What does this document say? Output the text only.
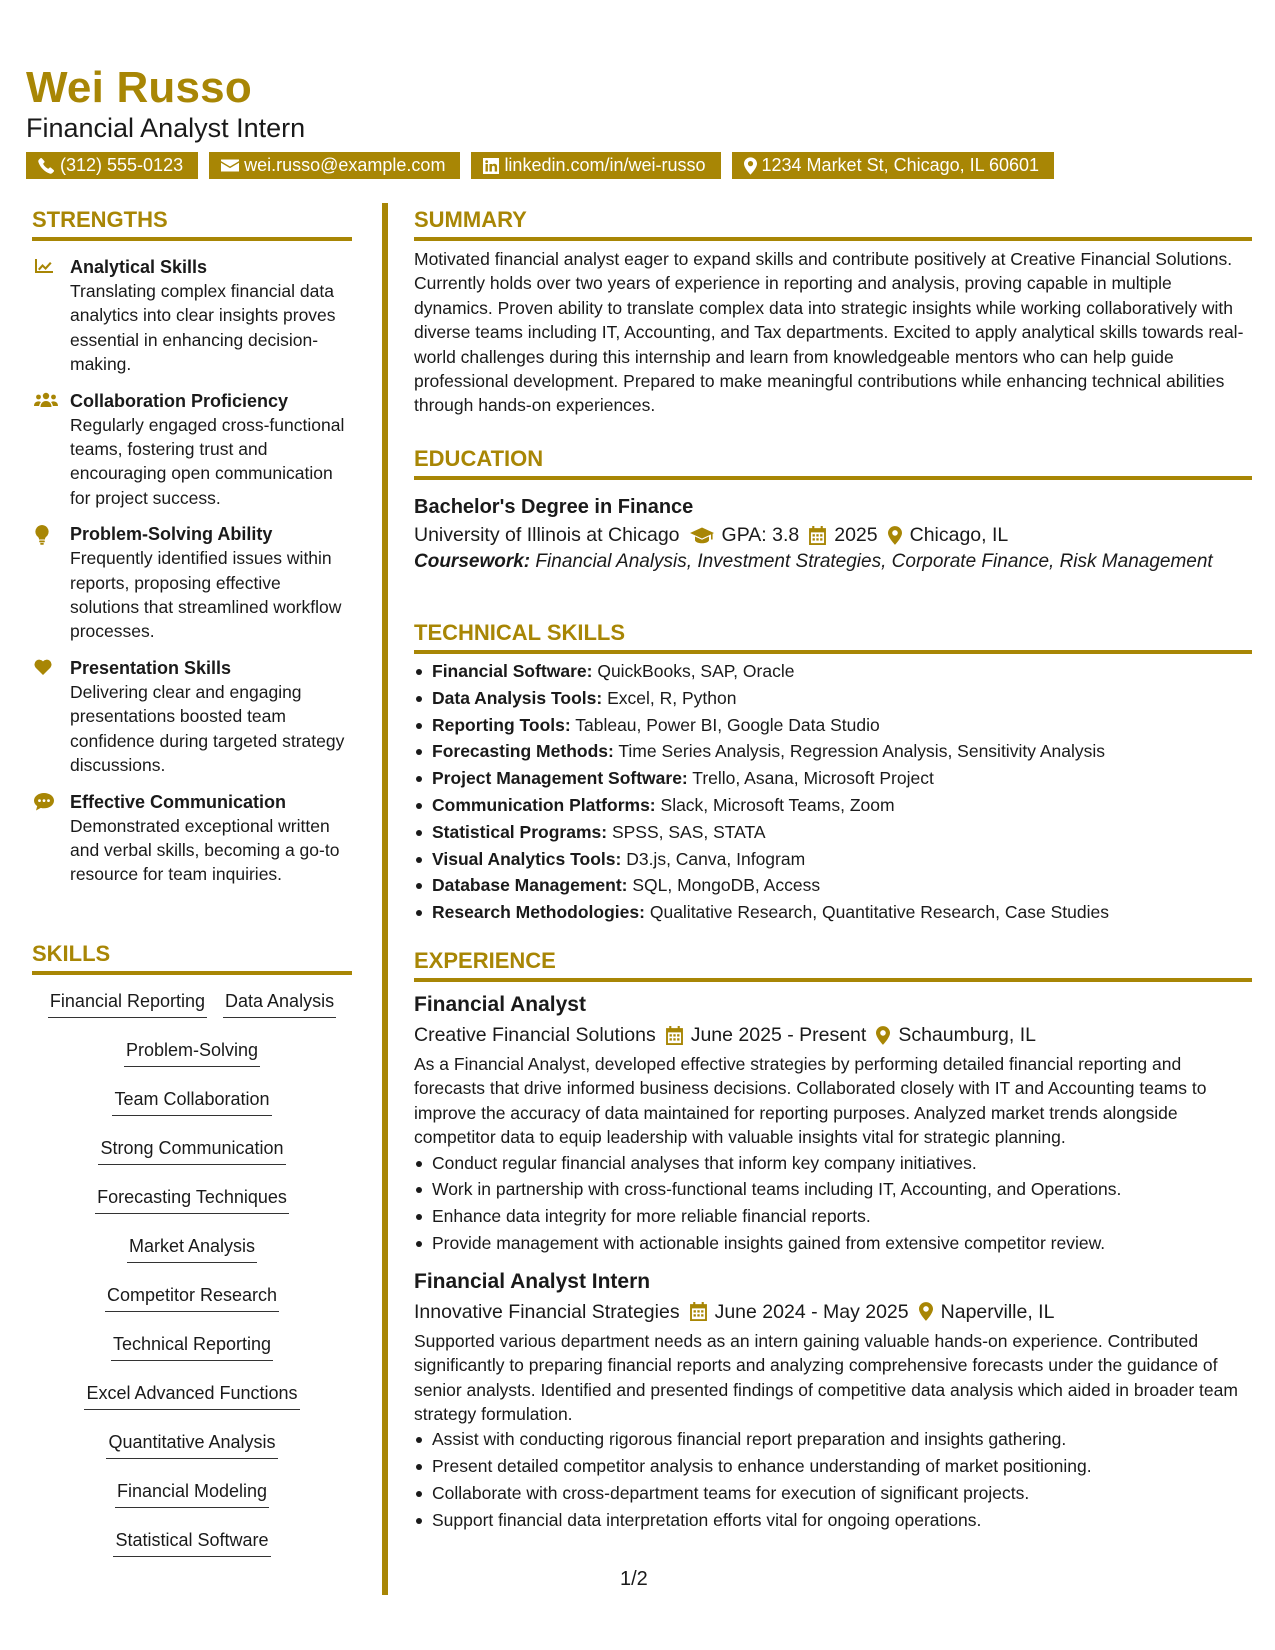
Wei Russo
Financial Analyst Intern
(312) 555-0123	wei.russo@example.com	linkedin.com/in/wei-russo	1234 Market St, Chicago, IL 60601
STRENGTHS
Analytical Skills
Translating complex financial data analytics into clear insights proves essential in enhancing decision-making.
Collaboration Proficiency
Regularly engaged cross-functional teams, fostering trust and encouraging open communication for project success.
Problem-Solving Ability
Frequently identified issues within reports, proposing effective solutions that streamlined workflow processes.
Presentation Skills
Delivering clear and engaging presentations boosted team confidence during targeted strategy discussions.
Effective Communication
Demonstrated exceptional written and verbal skills, becoming a go-to resource for team inquiries.
SKILLS
Financial Reporting Data Analysis
Problem-Solving
Team Collaboration
Strong Communication
Forecasting Techniques
Market Analysis
Competitor Research
Technical Reporting
Excel Advanced Functions
Quantitative Analysis
Financial Modeling
Statistical Software
SUMMARY
Motivated financial analyst eager to expand skills and contribute positively at Creative Financial Solutions. Currently holds over two years of experience in reporting and analysis, proving capable in multiple dynamics. Proven ability to translate complex data into strategic insights while working collaboratively with diverse teams including IT, Accounting, and Tax departments. Excited to apply analytical skills towards real-world challenges during this internship and learn from knowledgeable mentors who can help guide professional development. Prepared to make meaningful contributions while enhancing technical abilities through hands-on experiences.
EDUCATION
Bachelor's Degree in Finance
University of Illinois at Chicago GPA: 3.8 2025 Chicago, IL
Coursework: Financial Analysis, Investment Strategies, Corporate Finance, Risk Management
TECHNICAL SKILLS
Financial Software: QuickBooks, SAP, Oracle
Data Analysis Tools: Excel, R, Python
Reporting Tools: Tableau, Power BI, Google Data Studio
Forecasting Methods: Time Series Analysis, Regression Analysis, Sensitivity Analysis
Project Management Software: Trello, Asana, Microsoft Project
Communication Platforms: Slack, Microsoft Teams, Zoom
Statistical Programs: SPSS, SAS, STATA
Visual Analytics Tools: D3.js, Canva, Infogram
Database Management: SQL, MongoDB, Access
Research Methodologies: Qualitative Research, Quantitative Research, Case Studies
EXPERIENCE
Financial Analyst
Creative Financial Solutions June 2025 - Present Schaumburg, IL
As a Financial Analyst, developed effective strategies by performing detailed financial reporting and forecasts that drive informed business decisions. Collaborated closely with IT and Accounting teams to improve the accuracy of data maintained for reporting purposes. Analyzed market trends alongside competitor data to equip leadership with valuable insights vital for strategic planning.
Conduct regular financial analyses that inform key company initiatives.
Work in partnership with cross-functional teams including IT, Accounting, and Operations.
Enhance data integrity for more reliable financial reports.
Provide management with actionable insights gained from extensive competitor review.
Financial Analyst Intern
Innovative Financial Strategies June 2024 - May 2025 Naperville, IL
Supported various department needs as an intern gaining valuable hands-on experience. Contributed significantly to preparing financial reports and analyzing comprehensive forecasts under the guidance of senior analysts. Identified and presented findings of competitive data analysis which aided in broader team strategy formulation.
Assist with conducting rigorous financial report preparation and insights gathering.
Present detailed competitor analysis to enhance understanding of market positioning.
Collaborate with cross-department teams for execution of significant projects.
Support financial data interpretation efforts vital for ongoing operations.
1/2
